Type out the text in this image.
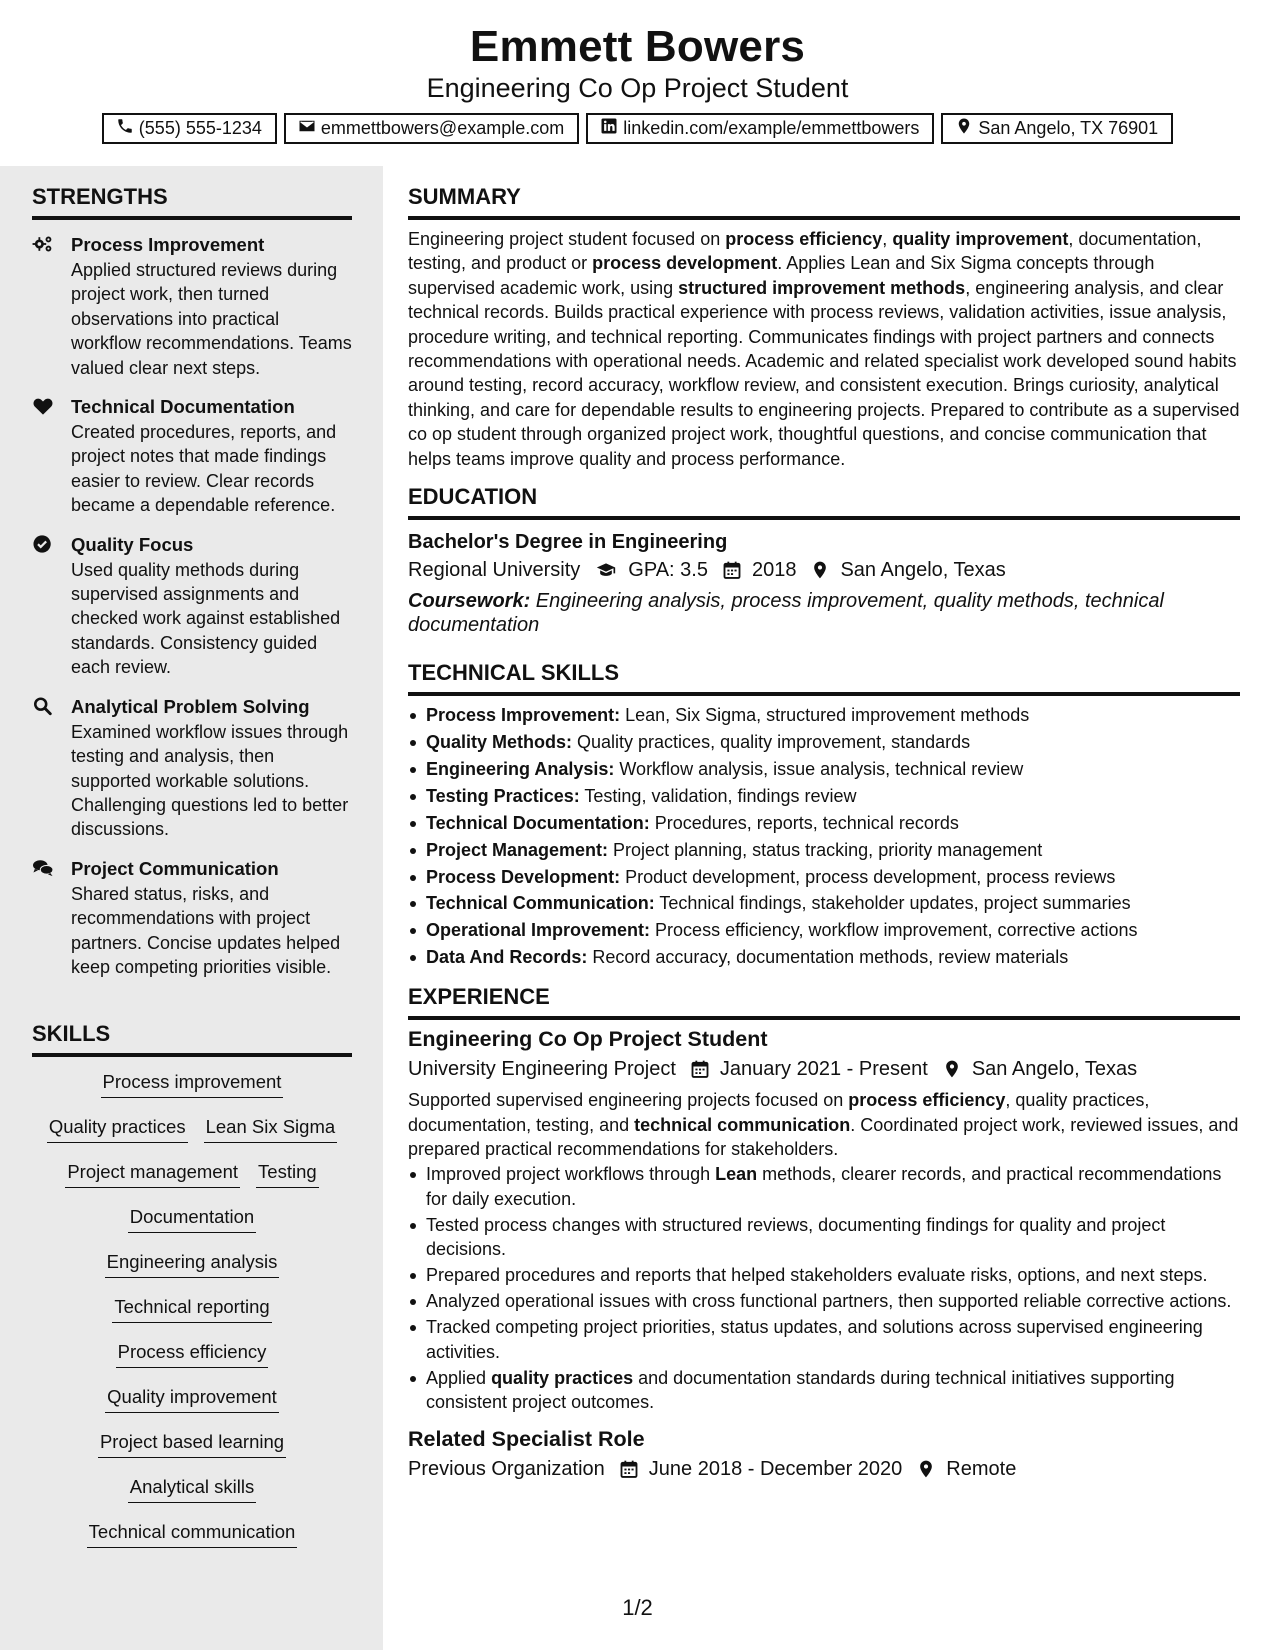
Emmett Bowers
Engineering Co Op Project Student
(555) 555-1234	emmettbowers@example.com	linkedin.com/example/emmettbowers	San Angelo, TX 76901
STRENGTHS
Process Improvement
Applied structured reviews during project work, then turned observations into practical workflow recommendations. Teams valued clear next steps.
Technical Documentation
Created procedures, reports, and project notes that made findings easier to review. Clear records became a dependable reference.
Quality Focus
Used quality methods during supervised assignments and checked work against established standards. Consistency guided each review.
Analytical Problem Solving
Examined workflow issues through testing and analysis, then supported workable solutions. Challenging questions led to better discussions.
Project Communication
Shared status, risks, and recommendations with project partners. Concise updates helped keep competing priorities visible.
SKILLS
Process improvement
Quality practices Lean Six Sigma
Project management Testing
Documentation
Engineering analysis
Technical reporting
Process efficiency
Quality improvement
Project based learning
Analytical skills
Technical communication
SUMMARY
Engineering project student focused on process efficiency, quality improvement, documentation, testing, and product or process development. Applies Lean and Six Sigma concepts through supervised academic work, using structured improvement methods, engineering analysis, and clear technical records. Builds practical experience with process reviews, validation activities, issue analysis, procedure writing, and technical reporting. Communicates findings with project partners and connects recommendations with operational needs. Academic and related specialist work developed sound habits around testing, record accuracy, workflow review, and consistent execution. Brings curiosity, analytical thinking, and care for dependable results to engineering projects. Prepared to contribute as a supervised co op student through organized project work, thoughtful questions, and concise communication that helps teams improve quality and process performance.
EDUCATION
Bachelor's Degree in Engineering
Regional University GPA: 3.5 2018 San Angelo, Texas
Coursework: Engineering analysis, process improvement, quality methods, technical documentation
TECHNICAL SKILLS
Process Improvement: Lean, Six Sigma, structured improvement methods
Quality Methods: Quality practices, quality improvement, standards
Engineering Analysis: Workflow analysis, issue analysis, technical review
Testing Practices: Testing, validation, findings review
Technical Documentation: Procedures, reports, technical records
Project Management: Project planning, status tracking, priority management
Process Development: Product development, process development, process reviews
Technical Communication: Technical findings, stakeholder updates, project summaries
Operational Improvement: Process efficiency, workflow improvement, corrective actions
Data And Records: Record accuracy, documentation methods, review materials
EXPERIENCE
Engineering Co Op Project Student
University Engineering Project January 2021 - Present San Angelo, Texas
Supported supervised engineering projects focused on process efficiency, quality practices, documentation, testing, and technical communication. Coordinated project work, reviewed issues, and prepared practical recommendations for stakeholders.
Improved project workflows through Lean methods, clearer records, and practical recommendations for daily execution.
Tested process changes with structured reviews, documenting findings for quality and project decisions.
Prepared procedures and reports that helped stakeholders evaluate risks, options, and next steps.
Analyzed operational issues with cross functional partners, then supported reliable corrective actions.
Tracked competing project priorities, status updates, and solutions across supervised engineering activities.
Applied quality practices and documentation standards during technical initiatives supporting consistent project outcomes.
Related Specialist Role
Previous Organization June 2018 - December 2020 Remote
1/2
